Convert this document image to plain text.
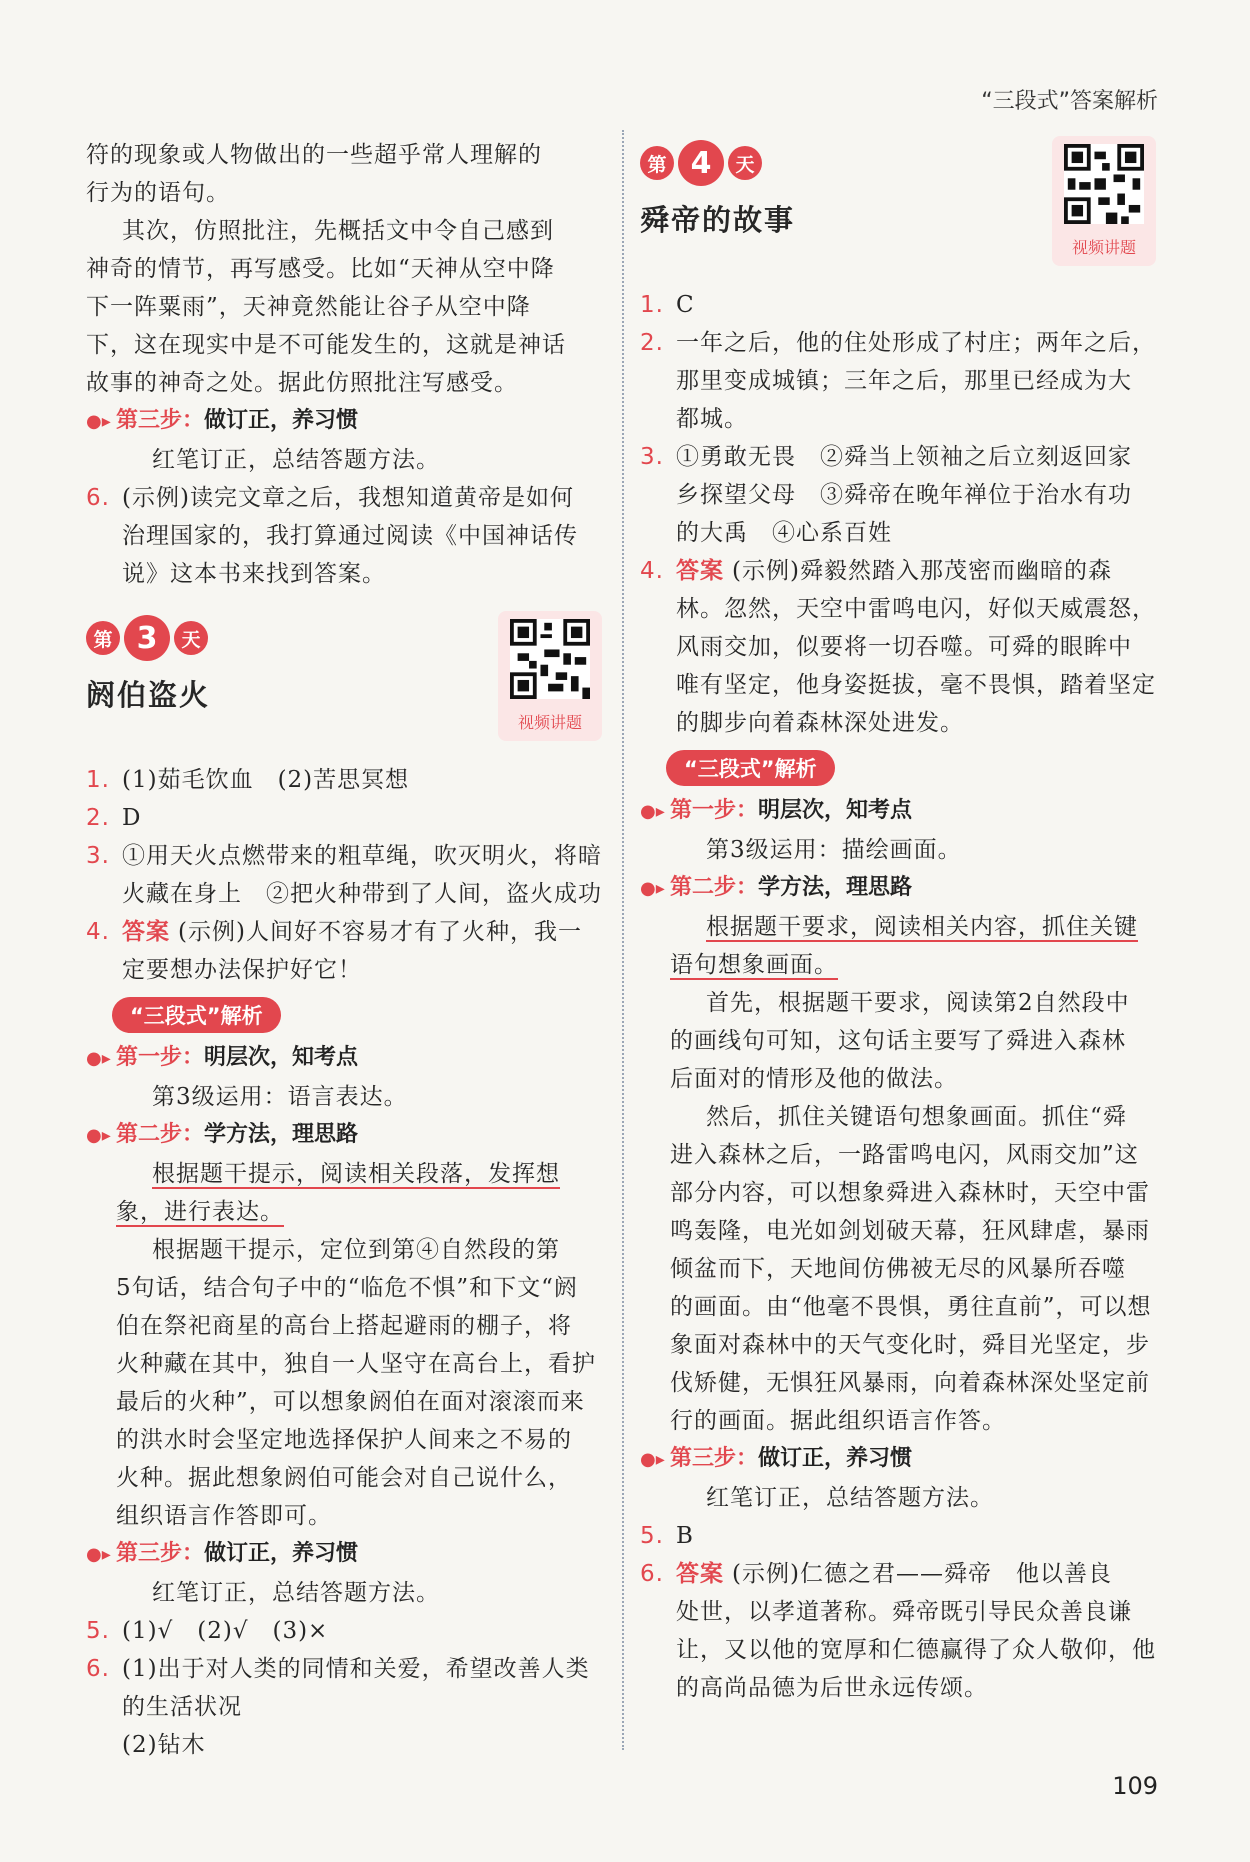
“三段式”答案解析
符的现象或人物做出的一些超乎常人理解的
行为的语句。
其次，仿照批注，先概括文中令自己感到
神奇的情节，再写感受。比如“天神从空中降
下一阵粟雨”，天神竟然能让谷子从空中降
下，这在现实中是不可能发生的，这就是神话
故事的神奇之处。据此仿照批注写感受。
●▸ 第三步：做订正，养习惯
红笔订正，总结答题方法。
6. (示例)读完文章之后，我想知道黄帝是如何
治理国家的，我打算通过阅读《中国神话传
说》这本书来找到答案。
第 3	天
阏伯盗火
视频讲题
1. (1)茹毛饮血　(2)苦思冥想
2. D
3. ①用天火点燃带来的粗草绳，吹灭明火，将暗
火藏在身上　②把火种带到了人间，盗火成功
4. 答案 (示例)人间好不容易才有了火种，我一
定要想办法保护好它！
“三段式”解析
●▸ 第一步：明层次，知考点
第3级运用：语言表达。
●▸ 第二步：学方法，理思路
根据题干提示，阅读相关段落，发挥想
象，进行表达。
根据题干提示，定位到第④自然段的第
5句话，结合句子中的“临危不惧”和下文“阏
伯在祭祀商星的高台上搭起避雨的棚子，将
火种藏在其中，独自一人坚守在高台上，看护
最后的火种”，可以想象阏伯在面对滚滚而来
的洪水时会坚定地选择保护人间来之不易的
火种。据此想象阏伯可能会对自己说什么，
组织语言作答即可。
●▸ 第三步：做订正，养习惯
红笔订正，总结答题方法。
5. (1)√　(2)√　(3)×
6. (1)出于对人类的同情和关爱，希望改善人类
的生活状况
(2)钻木
第 4	天
舜帝的故事
视频讲题
1. C
2. 一年之后，他的住处形成了村庄；两年之后，
那里变成城镇；三年之后，那里已经成为大
都城。
3. ①勇敢无畏　②舜当上领袖之后立刻返回家
乡探望父母　③舜帝在晚年禅位于治水有功
的大禹　④心系百姓
4. 答案 (示例)舜毅然踏入那茂密而幽暗的森
林。忽然，天空中雷鸣电闪，好似天威震怒，
风雨交加，似要将一切吞噬。可舜的眼眸中
唯有坚定，他身姿挺拔，毫不畏惧，踏着坚定
的脚步向着森林深处进发。
“三段式”解析
●▸ 第一步：明层次，知考点
第3级运用：描绘画面。
●▸ 第二步：学方法，理思路
根据题干要求，阅读相关内容，抓住关键
语句想象画面。
首先，根据题干要求，阅读第2自然段中
的画线句可知，这句话主要写了舜进入森林
后面对的情形及他的做法。
然后，抓住关键语句想象画面。抓住“舜
进入森林之后，一路雷鸣电闪，风雨交加”这
部分内容，可以想象舜进入森林时，天空中雷
鸣轰隆，电光如剑划破天幕，狂风肆虐，暴雨
倾盆而下，天地间仿佛被无尽的风暴所吞噬
的画面。由“他毫不畏惧，勇往直前”，可以想
象面对森林中的天气变化时，舜目光坚定，步
伐矫健，无惧狂风暴雨，向着森林深处坚定前
行的画面。据此组织语言作答。
●▸ 第三步：做订正，养习惯
红笔订正，总结答题方法。
5. B
6. 答案 (示例)仁德之君——舜帝　他以善良
处世，以孝道著称。舜帝既引导民众善良谦
让，又以他的宽厚和仁德赢得了众人敬仰，他
的高尚品德为后世永远传颂。
109
